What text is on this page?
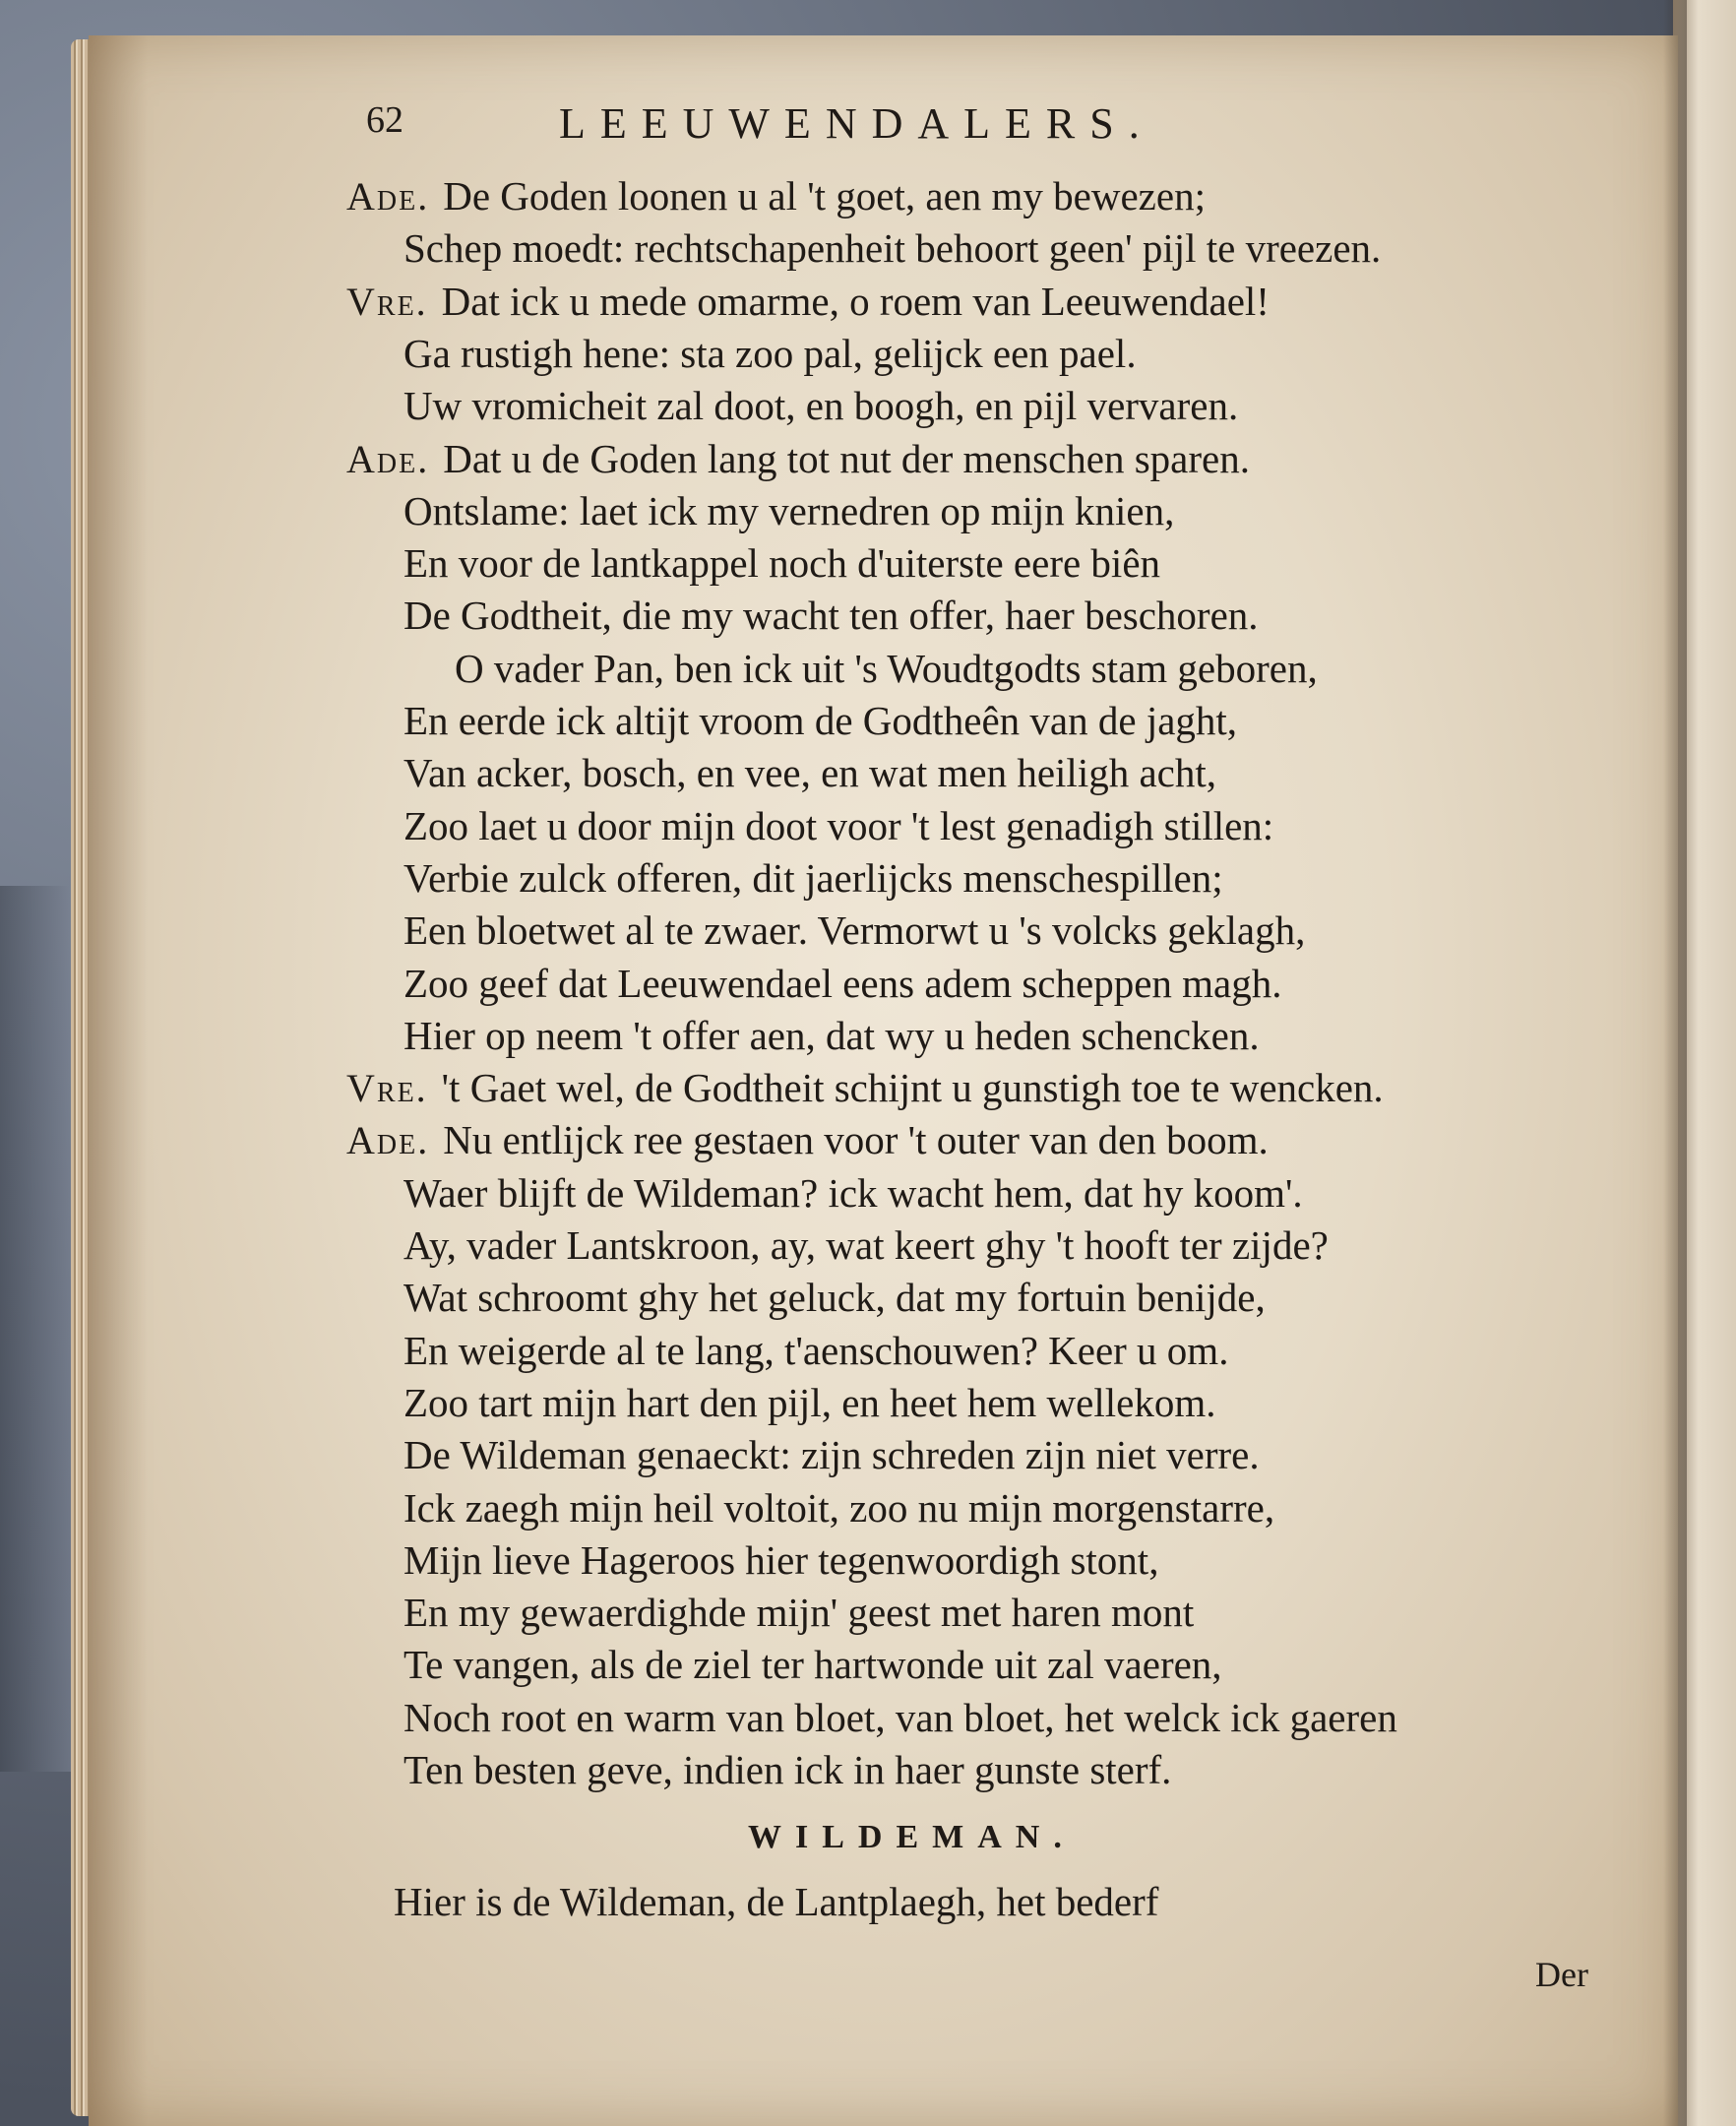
62	LEEUWENDALERS.
Ade. De Goden loonen u al 't goet, aen my bewezen;
Schep moedt: rechtschapenheit behoort geen' pijl te vreezen.
Vre. Dat ick u mede omarme, o roem van Leeuwendael!
Ga rustigh hene: sta zoo pal, gelijck een pael.
Uw vromicheit zal doot, en boogh, en pijl vervaren.
Ade. Dat u de Goden lang tot nut der menschen sparen.
Ontslame: laet ick my vernedren op mijn knien,
En voor de lantkappel noch d'uiterste eere biên
De Godtheit, die my wacht ten offer, haer beschoren.
O vader Pan, ben ick uit 's Woudtgodts stam geboren,
En eerde ick altijt vroom de Godtheên van de jaght,
Van acker, bosch, en vee, en wat men heiligh acht,
Zoo laet u door mijn doot voor 't lest genadigh stillen:
Verbie zulck offeren, dit jaerlijcks menschespillen;
Een bloetwet al te zwaer. Vermorwt u 's volcks geklagh,
Zoo geef dat Leeuwendael eens adem scheppen magh.
Hier op neem 't offer aen, dat wy u heden schencken.
Vre. 't Gaet wel, de Godtheit schijnt u gunstigh toe te wencken.
Ade. Nu entlijck ree gestaen voor 't outer van den boom.
Waer blijft de Wildeman? ick wacht hem, dat hy koom'.
Ay, vader Lantskroon, ay, wat keert ghy 't hooft ter zijde?
Wat schroomt ghy het geluck, dat my fortuin benijde,
En weigerde al te lang, t'aenschouwen? Keer u om.
Zoo tart mijn hart den pijl, en heet hem wellekom.
De Wildeman genaeckt: zijn schreden zijn niet verre.
Ick zaegh mijn heil voltoit, zoo nu mijn morgenstarre,
Mijn lieve Hageroos hier tegenwoordigh stont,
En my gewaerdighde mijn' geest met haren mont
Te vangen, als de ziel ter hartwonde uit zal vaeren,
Noch root en warm van bloet, van bloet, het welck ick gaeren
Ten besten geve, indien ick in haer gunste sterf.
WILDEMAN.
Hier is de Wildeman, de Lantplaegh, het bederf
Der
